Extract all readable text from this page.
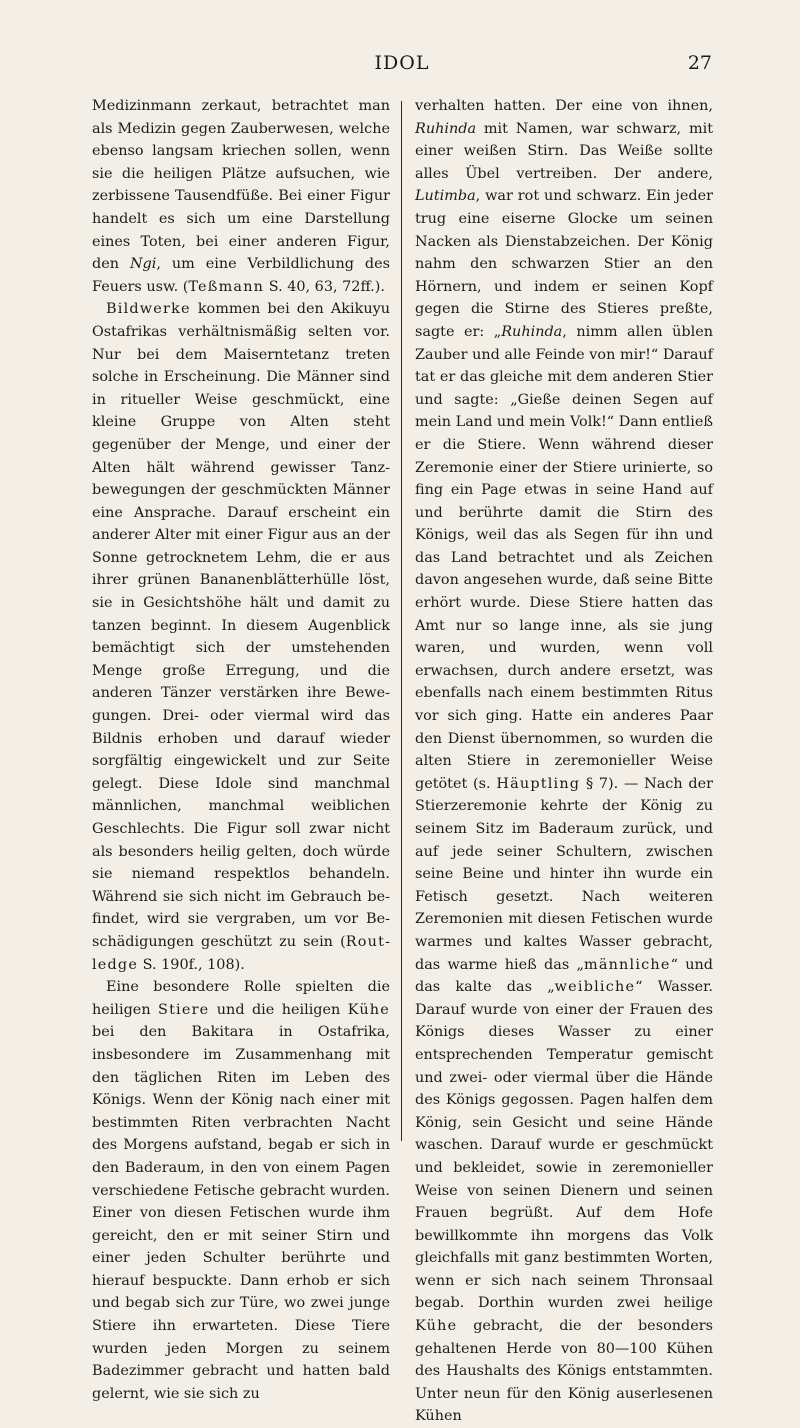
IDOL	27

Medizinmann zerkaut, betrachtet man als Medizin gegen Zauberwesen, welche ebenso langsam kriechen sollen, wenn sie die heiligen Plätze aufsuchen, wie zerbissene Tausendfüße. Bei einer Figur handelt es sich um eine Darstellung eines Toten, bei einer anderen Figur, den Ngi, um eine Verbildlichung des Feuers usw. (Teßmann S. 40, 63, 72ff.).

Bildwerke kommen bei den Akikuyu Ostafrikas verhältnismäßig selten vor. Nur bei dem Maiserntetanz treten solche in Erscheinung. Die Männer sind in ritueller Weise geschmückt, eine kleine Gruppe von Alten steht gegenüber der Menge, und einer der Alten hält während gewisser Tanzbewegungen der geschmückten Männer eine Ansprache. Darauf erscheint ein anderer Alter mit einer Figur aus an der Sonne getrocknetem Lehm, die er aus ihrer grünen Bananenblätterhülle löst, sie in Gesichtshöhe hält und damit zu tanzen beginnt. In diesem Augenblick bemächtigt sich der umstehenden Menge große Erregung, und die anderen Tänzer verstärken ihre Bewegungen. Drei- oder viermal wird das Bildnis erhoben und darauf wieder sorgfältig eingewickelt und zur Seite gelegt. Diese Idole sind manchmal männlichen, manchmal weiblichen Geschlechts. Die Figur soll zwar nicht als besonders heilig gelten, doch würde sie niemand respektlos behandeln. Während sie sich nicht im Gebrauch befindet, wird sie vergraben, um vor Beschädigungen geschützt zu sein (Routledge S. 190f., 108).

Eine besondere Rolle spielten die heiligen Stiere und die heiligen Kühe bei den Bakitara in Ostafrika, insbesondere im Zusammenhang mit den täglichen Riten im Leben des Königs. Wenn der König nach einer mit bestimmten Riten verbrachten Nacht des Morgens aufstand, begab er sich in den Baderaum, in den von einem Pagen verschiedene Fetische gebracht wurden. Einer von diesen Fetischen wurde ihm gereicht, den er mit seiner Stirn und einer jeden Schulter berührte und hierauf bespuckte. Dann erhob er sich und begab sich zur Türe, wo zwei junge Stiere ihn erwarteten. Diese Tiere wurden jeden Morgen zu seinem Badezimmer gebracht und hatten bald gelernt, wie sie sich zu

verhalten hatten. Der eine von ihnen, Ruhinda mit Namen, war schwarz, mit einer weißen Stirn. Das Weiße sollte alles Übel vertreiben. Der andere, Lutimba, war rot und schwarz. Ein jeder trug eine eiserne Glocke um seinen Nacken als Dienstabzeichen. Der König nahm den schwarzen Stier an den Hörnern, und indem er seinen Kopf gegen die Stirne des Stieres preßte, sagte er: „Ruhinda, nimm allen üblen Zauber und alle Feinde von mir!“ Darauf tat er das gleiche mit dem anderen Stier und sagte: „Gieße deinen Segen auf mein Land und mein Volk!“ Dann entließ er die Stiere. Wenn während dieser Zeremonie einer der Stiere urinierte, so fing ein Page etwas in seine Hand auf und berührte damit die Stirn des Königs, weil das als Segen für ihn und das Land betrachtet und als Zeichen davon angesehen wurde, daß seine Bitte erhört wurde. Diese Stiere hatten das Amt nur so lange inne, als sie jung waren, und wurden, wenn voll erwachsen, durch andere ersetzt, was ebenfalls nach einem bestimmten Ritus vor sich ging. Hatte ein anderes Paar den Dienst übernommen, so wurden die alten Stiere in zeremonieller Weise getötet (s. Häuptling § 7). — Nach der Stierzeremonie kehrte der König zu seinem Sitz im Baderaum zurück, und auf jede seiner Schultern, zwischen seine Beine und hinter ihn wurde ein Fetisch gesetzt. Nach weiteren Zeremonien mit diesen Fetischen wurde warmes und kaltes Wasser gebracht, das warme hieß das „männliche“ und das kalte das „weibliche“ Wasser. Darauf wurde von einer der Frauen des Königs dieses Wasser zu einer entsprechenden Temperatur gemischt und zwei- oder viermal über die Hände des Königs gegossen. Pagen halfen dem König, sein Gesicht und seine Hände waschen. Darauf wurde er geschmückt und bekleidet, sowie in zeremonieller Weise von seinen Dienern und seinen Frauen begrüßt. Auf dem Hofe bewillkommte ihn morgens das Volk gleichfalls mit ganz bestimmten Worten, wenn er sich nach seinem Thronsaal begab. Dorthin wurden zwei heilige Kühe gebracht, die der besonders gehaltenen Herde von 80—100 Kühen des Haushalts des Königs entstammten. Unter neun für den König auserlesenen Kühen
